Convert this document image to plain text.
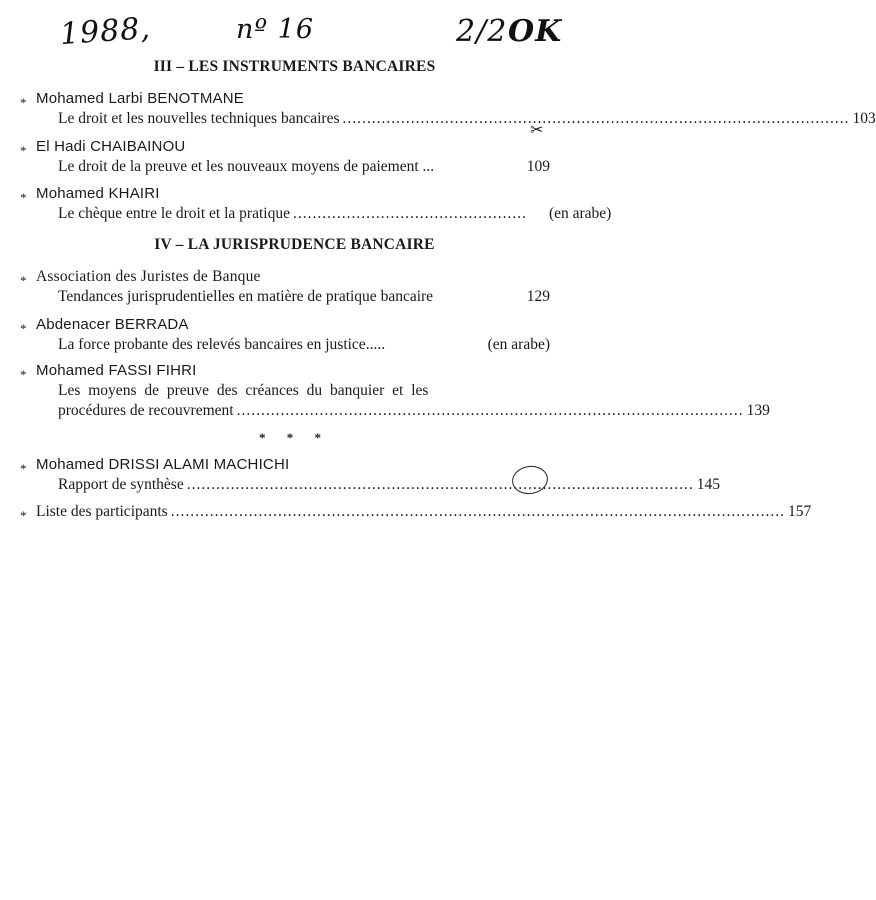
1988,	nº 16	2/2 OK
III – LES INSTRUMENTS BANCAIRES
* Mohamed Larbi BENOTMANE
Le droit et les nouvelles techniques bancaires ........................................................................................................ 103
✂
* El Hadi CHAIBAINOU
Le droit de la preuve et les nouveaux moyens de paiement ...	109
* Mohamed KHAIRI
Le chèque entre le droit et la pratique ................................................ (en arabe)
IV – LA JURISPRUDENCE BANCAIRE
* Association des Juristes de Banque
Tendances jurisprudentielles en matière de pratique bancaire	129
* Abdenacer BERRADA
La force probante des relevés bancaires en justice.....	(en arabe)
* Mohamed FASSI FIHRI
Les moyens de preuve des créances du banquier et les
procédures de recouvrement ........................................................................................................ 139
* * *
* Mohamed DRISSI ALAMI MACHICHI
Rapport de synthèse ........................................................................................................ 145
* Liste des participants .............................................................................................................................. 157
